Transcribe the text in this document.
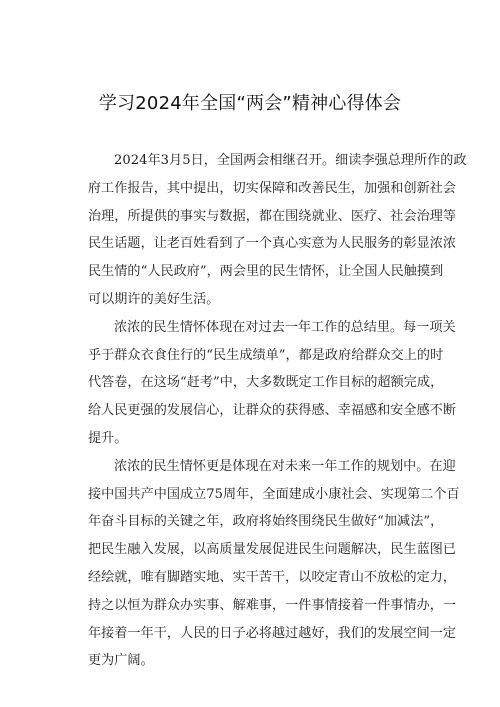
学习2024年全国“两会”精神心得体会
2024年3月5日，全国两会相继召开。细读李强总理所作的政
府工作报告，其中提出，切实保障和改善民生，加强和创新社会
治理，所提供的事实与数据，都在围绕就业、医疗、社会治理等
民生话题，让老百姓看到了一个真心实意为人民服务的彰显浓浓
民生情的“人民政府”，两会里的民生情怀，让全国人民触摸到
可以期许的美好生活。
浓浓的民生情怀体现在对过去一年工作的总结里。每一项关
乎于群众衣食住行的“民生成绩单”，都是政府给群众交上的时
代答卷，在这场“赶考”中，大多数既定工作目标的超额完成，
给人民更强的发展信心，让群众的获得感、幸福感和安全感不断
提升。
浓浓的民生情怀更是体现在对未来一年工作的规划中。在迎
接中国共产中国成立75周年，全面建成小康社会、实现第二个百
年奋斗目标的关键之年，政府将始终围绕民生做好“加减法”，
把民生融入发展，以高质量发展促进民生问题解决，民生蓝图已
经绘就，唯有脚踏实地、实干苦干，以咬定青山不放松的定力，
持之以恒为群众办实事、解难事，一件事情接着一件事情办，一
年接着一年干，人民的日子必将越过越好，我们的发展空间一定
更为广阔。
